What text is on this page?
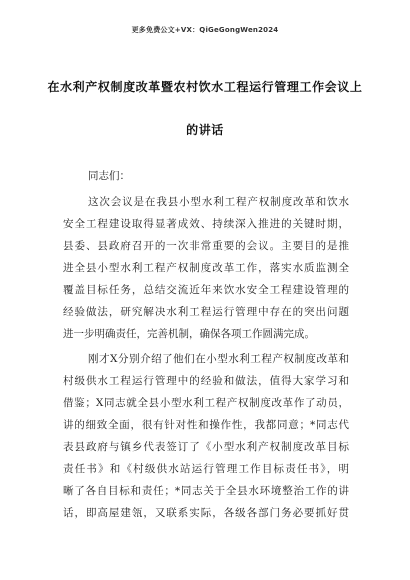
更多免费公文+VX：QiGeGongWen2024
在水利产权制度改革暨农村饮水工程运行管理工作会议上
的讲话
同志们：
这次会议是在我县小型水利工程产权制度改革和饮水
安全工程建设取得显著成效、持续深入推进的关键时期，
县委、县政府召开的一次非常重要的会议。主要目的是推
进全县小型水利工程产权制度改革工作，落实水质监测全
覆盖目标任务，总结交流近年来饮水安全工程建设管理的
经验做法，研究解决水利工程运行管理中存在的突出问题
进一步明确责任，完善机制，确保各项工作圆满完成。
刚才X分别介绍了他们在小型水利工程产权制度改革和
村级供水工程运行管理中的经验和做法，值得大家学习和
借鉴；X同志就全县小型水利工程产权制度改革作了动员，
讲的细致全面，很有针对性和操作性，我都同意；*同志代
表县政府与镇乡代表签订了《小型水利产权制度改革目标
责任书》和《村级供水站运行管理工作目标责任书》，明
晰了各自目标和责任；*同志关于全县水环境整治工作的讲
话，即高屋建瓴，又联系实际，各级各部门务必要抓好贯
